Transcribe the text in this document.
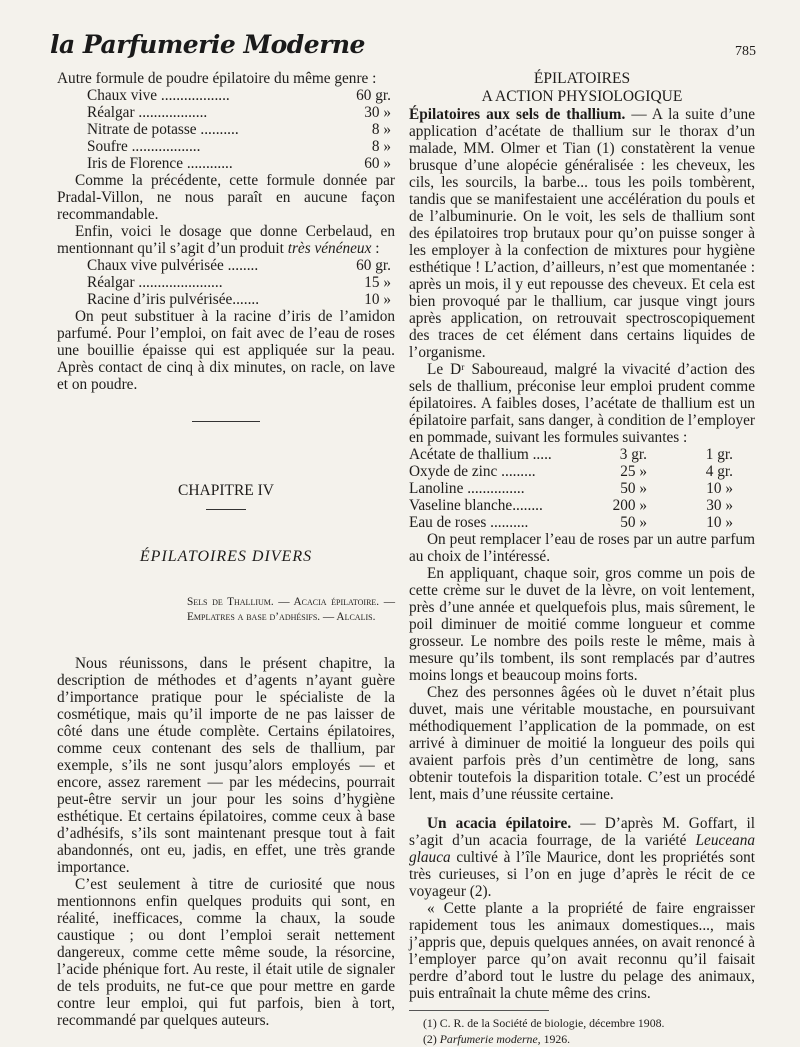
la Parfumerie Moderne	785

Autre formule de poudre épilatoire du même genre :

Chaux vive ..................	60 gr.
Réalgar ..................	30 »
Nitrate de potasse ..........	8 »
Soufre ..................	8 »
Iris de Florence ............	60 »

Comme la précédente, cette formule donnée par Pradal-Villon, ne nous paraît en aucune façon recommandable.

Enfin, voici le dosage que donne Cerbelaud, en mentionnant qu’il s’agit d’un produit très vénéneux :

Chaux vive pulvérisée ........	60 gr.
Réalgar ......................	15 »
Racine d’iris pulvérisée.......	10 »

On peut substituer à la racine d’iris de l’amidon parfumé. Pour l’emploi, on fait avec de l’eau de roses une bouillie épaisse qui est appliquée sur la peau. Après contact de cinq à dix minutes, on racle, on lave et on poudre.

CHAPITRE IV
ÉPILATOIRES DIVERS
Sels de Thallium. — Acacia épilatoire. — Emplatres a base d’adhésifs. — Alcalis.

Nous réunissons, dans le présent chapitre, la description de méthodes et d’agents n’ayant guère d’importance pratique pour le spécialiste de la cosmétique, mais qu’il importe de ne pas laisser de côté dans une étude complète. Certains épilatoires, comme ceux contenant des sels de thallium, par exemple, s’ils ne sont jusqu’alors employés — et encore, assez rarement — par les médecins, pourrait peut-être servir un jour pour les soins d’hygiène esthétique. Et certains épilatoires, comme ceux à base d’adhésifs, s’ils sont maintenant presque tout à fait abandonnés, ont eu, jadis, en effet, une très grande importance.

C’est seulement à titre de curiosité que nous mentionnons enfin quelques produits qui sont, en réalité, inefficaces, comme la chaux, la soude caustique ; ou dont l’emploi serait nettement dangereux, comme cette même soude, la résorcine, l’acide phénique fort. Au reste, il était utile de signaler de tels produits, ne fut-ce que pour mettre en garde contre leur emploi, qui fut parfois, bien à tort, recommandé par quelques auteurs.

ÉPILATOIRES
A ACTION PHYSIOLOGIQUE

Épilatoires aux sels de thallium. — A la suite d’une application d’acétate de thallium sur le thorax d’un malade, MM. Olmer et Tian (1) constatèrent la venue brusque d’une alopécie généralisée : les cheveux, les cils, les sourcils, la barbe... tous les poils tombèrent, tandis que se manifestaient une accélération du pouls et de l’albuminurie. On le voit, les sels de thallium sont des épilatoires trop brutaux pour qu’on puisse songer à les employer à la confection de mixtures pour hygiène esthétique ! L’action, d’ailleurs, n’est que momentanée : après un mois, il y eut repousse des cheveux. Et cela est bien provoqué par le thallium, car jusque vingt jours après application, on retrouvait spectroscopiquement des traces de cet élément dans certains liquides de l’organisme.

Le Dʳ Saboureaud, malgré la vivacité d’action des sels de thallium, préconise leur emploi prudent comme épilatoires. A faibles doses, l’acétate de thallium est un épilatoire parfait, sans danger, à condition de l’employer en pommade, suivant les formules suivantes :

Acétate de thallium .....	3 gr.	1 gr.
Oxyde de zinc .........	25 »	4 gr.
Lanoline ...............	50 »	10 »
Vaseline blanche........	200 »	30 »
Eau de roses ..........	50 »	10 »

On peut remplacer l’eau de roses par un autre parfum au choix de l’intéressé.

En appliquant, chaque soir, gros comme un pois de cette crème sur le duvet de la lèvre, on voit lentement, près d’une année et quelquefois plus, mais sûrement, le poil diminuer de moitié comme longueur et comme grosseur. Le nombre des poils reste le même, mais à mesure qu’ils tombent, ils sont remplacés par d’autres moins longs et beaucoup moins forts.

Chez des personnes âgées où le duvet n’était plus duvet, mais une véritable moustache, en poursuivant méthodiquement l’application de la pommade, on est arrivé à diminuer de moitié la longueur des poils qui avaient parfois près d’un centimètre de long, sans obtenir toutefois la disparition totale. C’est un procédé lent, mais d’une réussite certaine.

Un acacia épilatoire. — D’après M. Goffart, il s’agit d’un acacia fourrage, de la variété Leuceana glauca cultivé à l’île Maurice, dont les propriétés sont très curieuses, si l’on en juge d’après le récit de ce voyageur (2).

« Cette plante a la propriété de faire engraisser rapidement tous les animaux domestiques..., mais j’appris que, depuis quelques années, on avait renoncé à l’employer parce qu’on avait reconnu qu’il faisait perdre d’abord tout le lustre du pelage des animaux, puis entraînait la chute même des crins.

(1) C. R. de la Société de biologie, décembre 1908.
(2) Parfumerie moderne, 1926.
